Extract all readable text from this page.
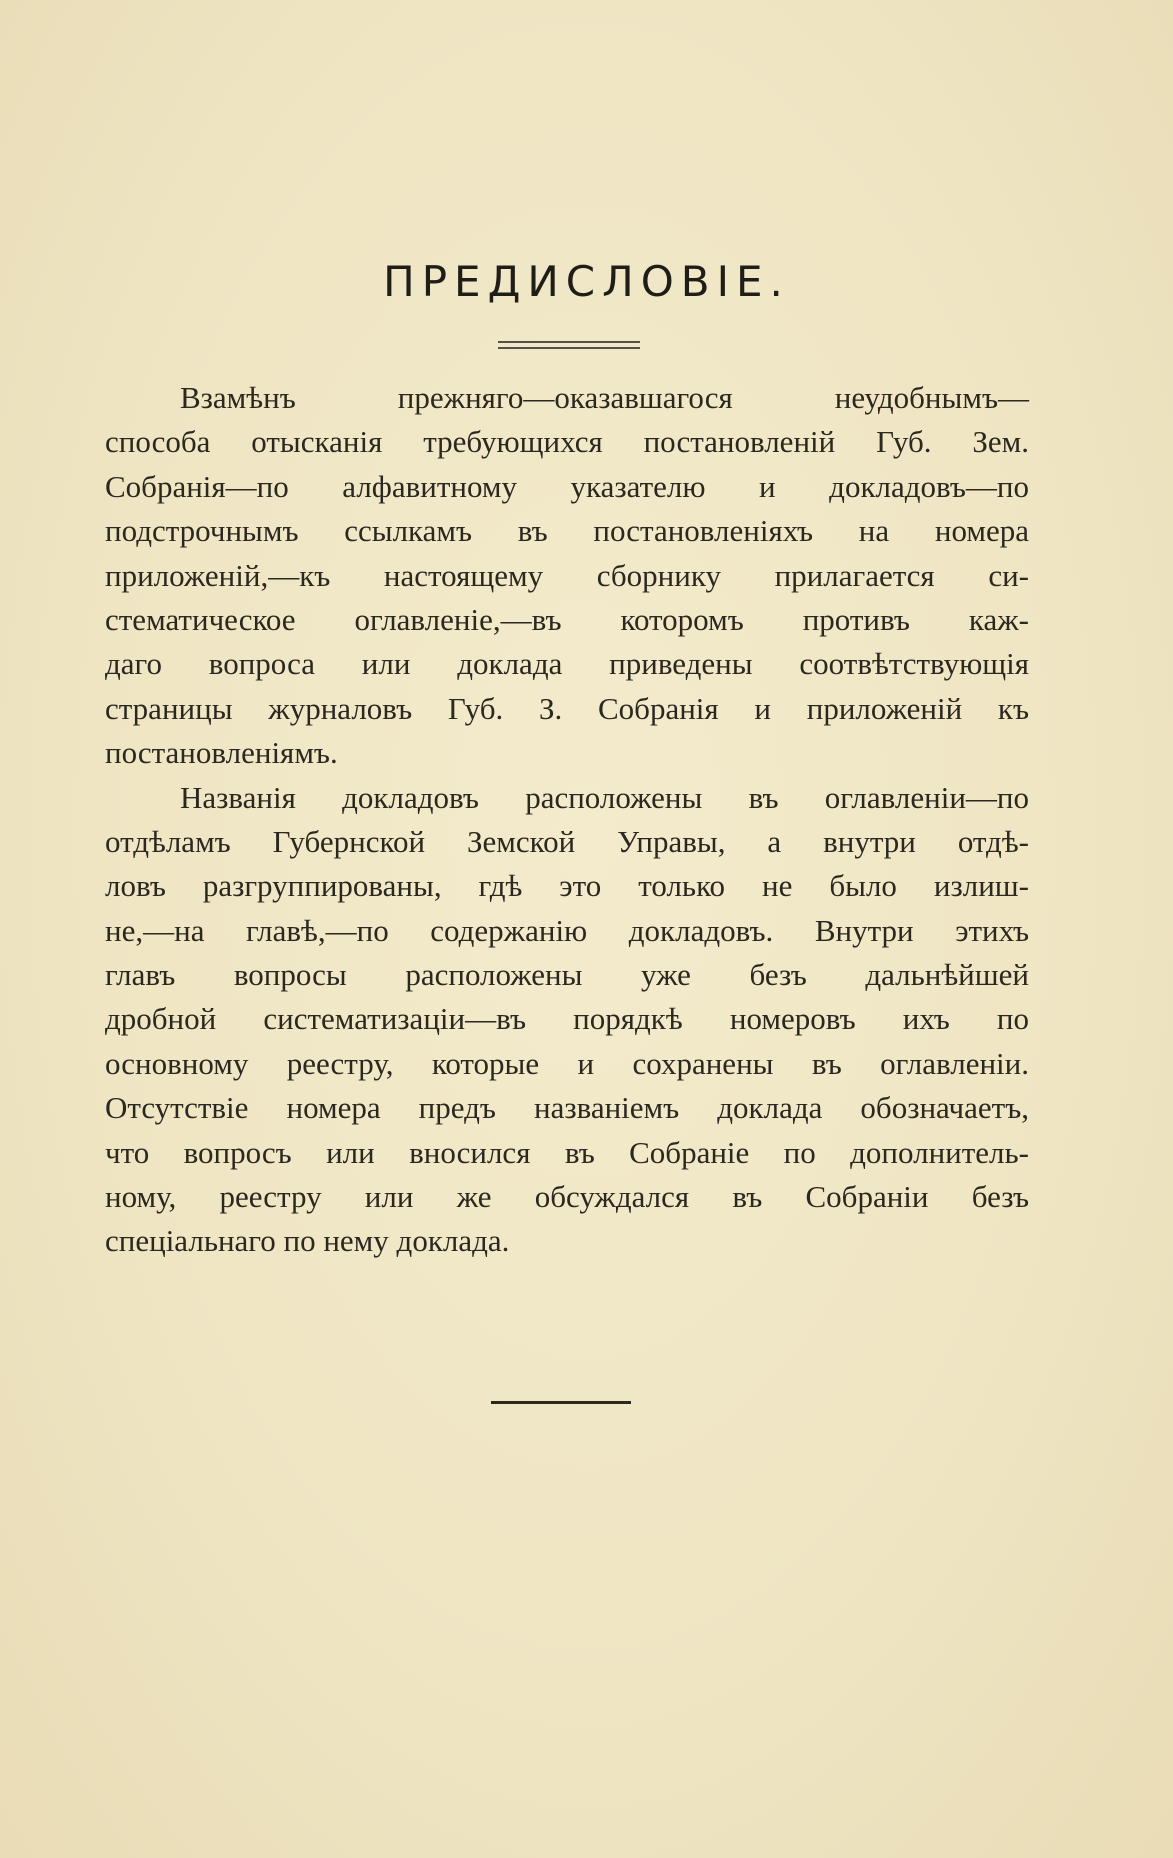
ПРЕДИСЛОВІЕ.
Взамѣнъ прежняго—оказавшагося неудобнымъ—
способа отысканія требующихся постановленій Губ. Зем.
Собранія—по алфавитному указателю и докладовъ—по
подстрочнымъ ссылкамъ въ постановленіяхъ на номера
приложеній,—къ настоящему сборнику прилагается си-
стематическое оглавленіе,—въ которомъ противъ каж-
даго вопроса или доклада приведены соотвѣтствующія
страницы журналовъ Губ. З. Собранія и приложеній къ
постановленіямъ.
Названія докладовъ расположены въ оглавленіи—по
отдѣламъ Губернской Земской Управы, а внутри отдѣ-
ловъ разгруппированы, гдѣ это только не было излиш-
не,—на главѣ,—по содержанію докладовъ. Внутри этихъ
главъ вопросы расположены уже безъ дальнѣйшей
дробной систематизаціи—въ порядкѣ номеровъ ихъ по
основному реестру, которые и сохранены въ оглавленіи.
Отсутствіе номера предъ названіемъ доклада обозначаетъ,
что вопросъ или вносился въ Собраніе по дополнитель-
ному, реестру или же обсуждался въ Собраніи безъ
спеціальнаго по нему доклада.
